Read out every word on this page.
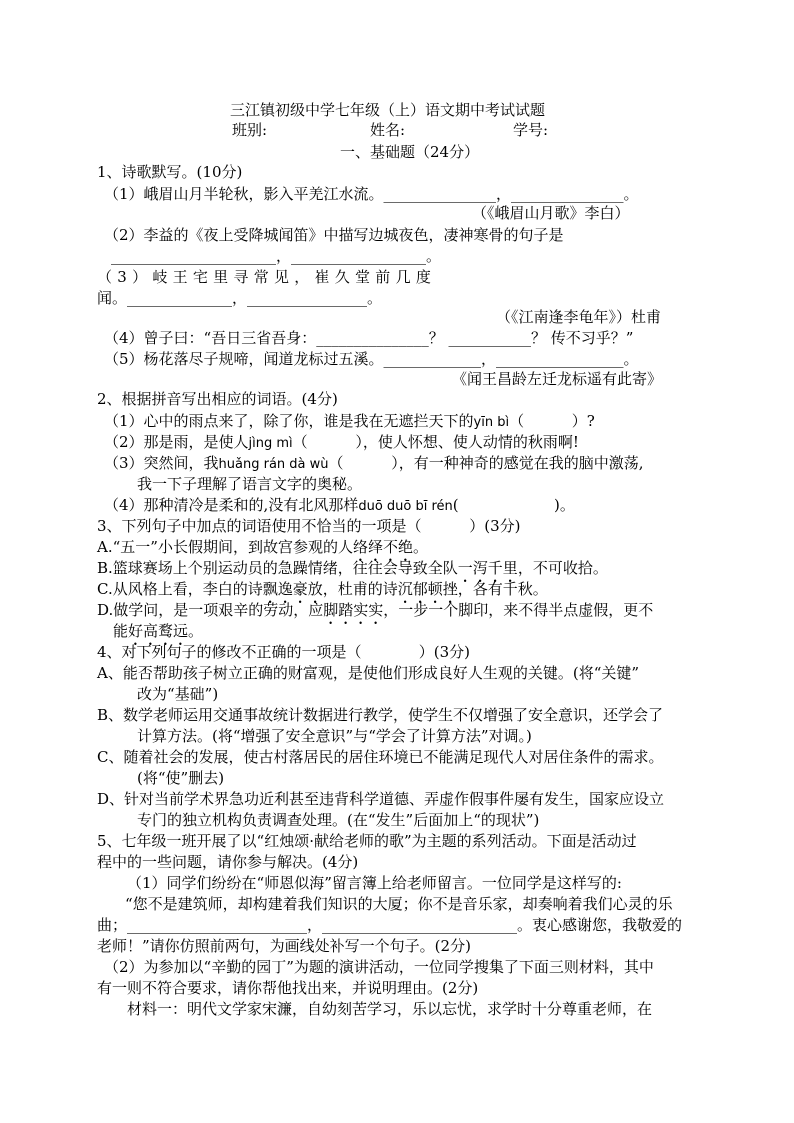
三江镇初级中学七年级（上）语文期中考试试题
班别:	姓名:	学号:
一、基础题（24分）
1、诗歌默写。(10分)
（1）峨眉山月半轮秋，影入平羌江水流。_______________，_______________。
（《峨眉山月歌》李白）
（2）李益的《夜上受降城闻笛》中描写边城夜色，凄神寒骨的句子是
______________________，__________________。
（ 3 ） 岐 王 宅 里 寻 常 见 ， 崔 久 堂 前 几 度
闻。______________，________________。
（《江南逢李龟年》）杜甫
（4）曾子曰：“吾日三省吾身：_______________？ ___________？ 传不习乎？”
（5）杨花落尽子规啼，闻道龙标过五溪。_____________，_________________。
《闻王昌龄左迁龙标遥有此寄》
2、根据拼音写出相应的词语。(4分)
（1）心中的雨点来了，除了你，谁是我在无遮拦天下的yīn bì（          ）?
（2）那是雨，是使人jìng mì（          ），使人怀想、使人动情的秋雨啊!
（3）突然间，我huǎng rán dà wù（          ），有一种神奇的感觉在我的脑中激荡,
我一下子理解了语言文字的奥秘。
（4）那种清冷是柔和的,没有北风那样duō duō bī rén(                    )。
3、下列句子中加点的词语使用不恰当的一项是（          ）(3分)
A.“五一”小长假期间，到故宫参观的人络绎不绝。
B.篮球赛场上个别运动员的急躁情绪，往往会导致全队一泻千里，不可收拾。
C.从风格上看，李白的诗飘逸豪放，杜甫的诗沉郁顿挫，各有千秋。
D.做学问，是一项艰辛的劳动，应脚踏实实，一步一个脚印，来不得半点虚假，更不
能好高鹜远。
4、对下列句子的修改不正确的一项是（            ）(3分)
A、能否帮助孩子树立正确的财富观，是使他们形成良好人生观的关键。(将“关键”
改为“基础”)
B、数学老师运用交通事故统计数据进行教学，使学生不仅增强了安全意识，还学会了
计算方法。(将“增强了安全意识”与“学会了计算方法”对调。)
C、随着社会的发展，使古村落居民的居住环境已不能满足现代人对居住条件的需求。
(将“使”删去)
D、针对当前学术界急功近利甚至违背科学道德、弄虚作假事件屡有发生，国家应设立
专门的独立机构负责调查处理。(在“发生”后面加上“的现状”)
5、七年级一班开展了以“红烛颂·献给老师的歌”为主题的系列活动。下面是活动过
程中的一些问题，请你参与解决。(4分)
（1）同学们纷纷在“师恩似海”留言簿上给老师留言。一位同学是这样写的:
“您不是建筑师，却构建着我们知识的大厦；你不是音乐家，却奏响着我们心灵的乐
曲；________________________，__________________________。衷心感谢您，我敬爱的
老师！”请你仿照前两句，为画线处补写一个句子。(2分)
（2）为参加以“辛勤的园丁”为题的演讲活动，一位同学搜集了下面三则材料，其中
有一则不符合要求，请你帮他找出来，并说明理由。(2分)
材料一：明代文学家宋濂，自幼刻苦学习，乐以忘忧，求学时十分尊重老师，在
